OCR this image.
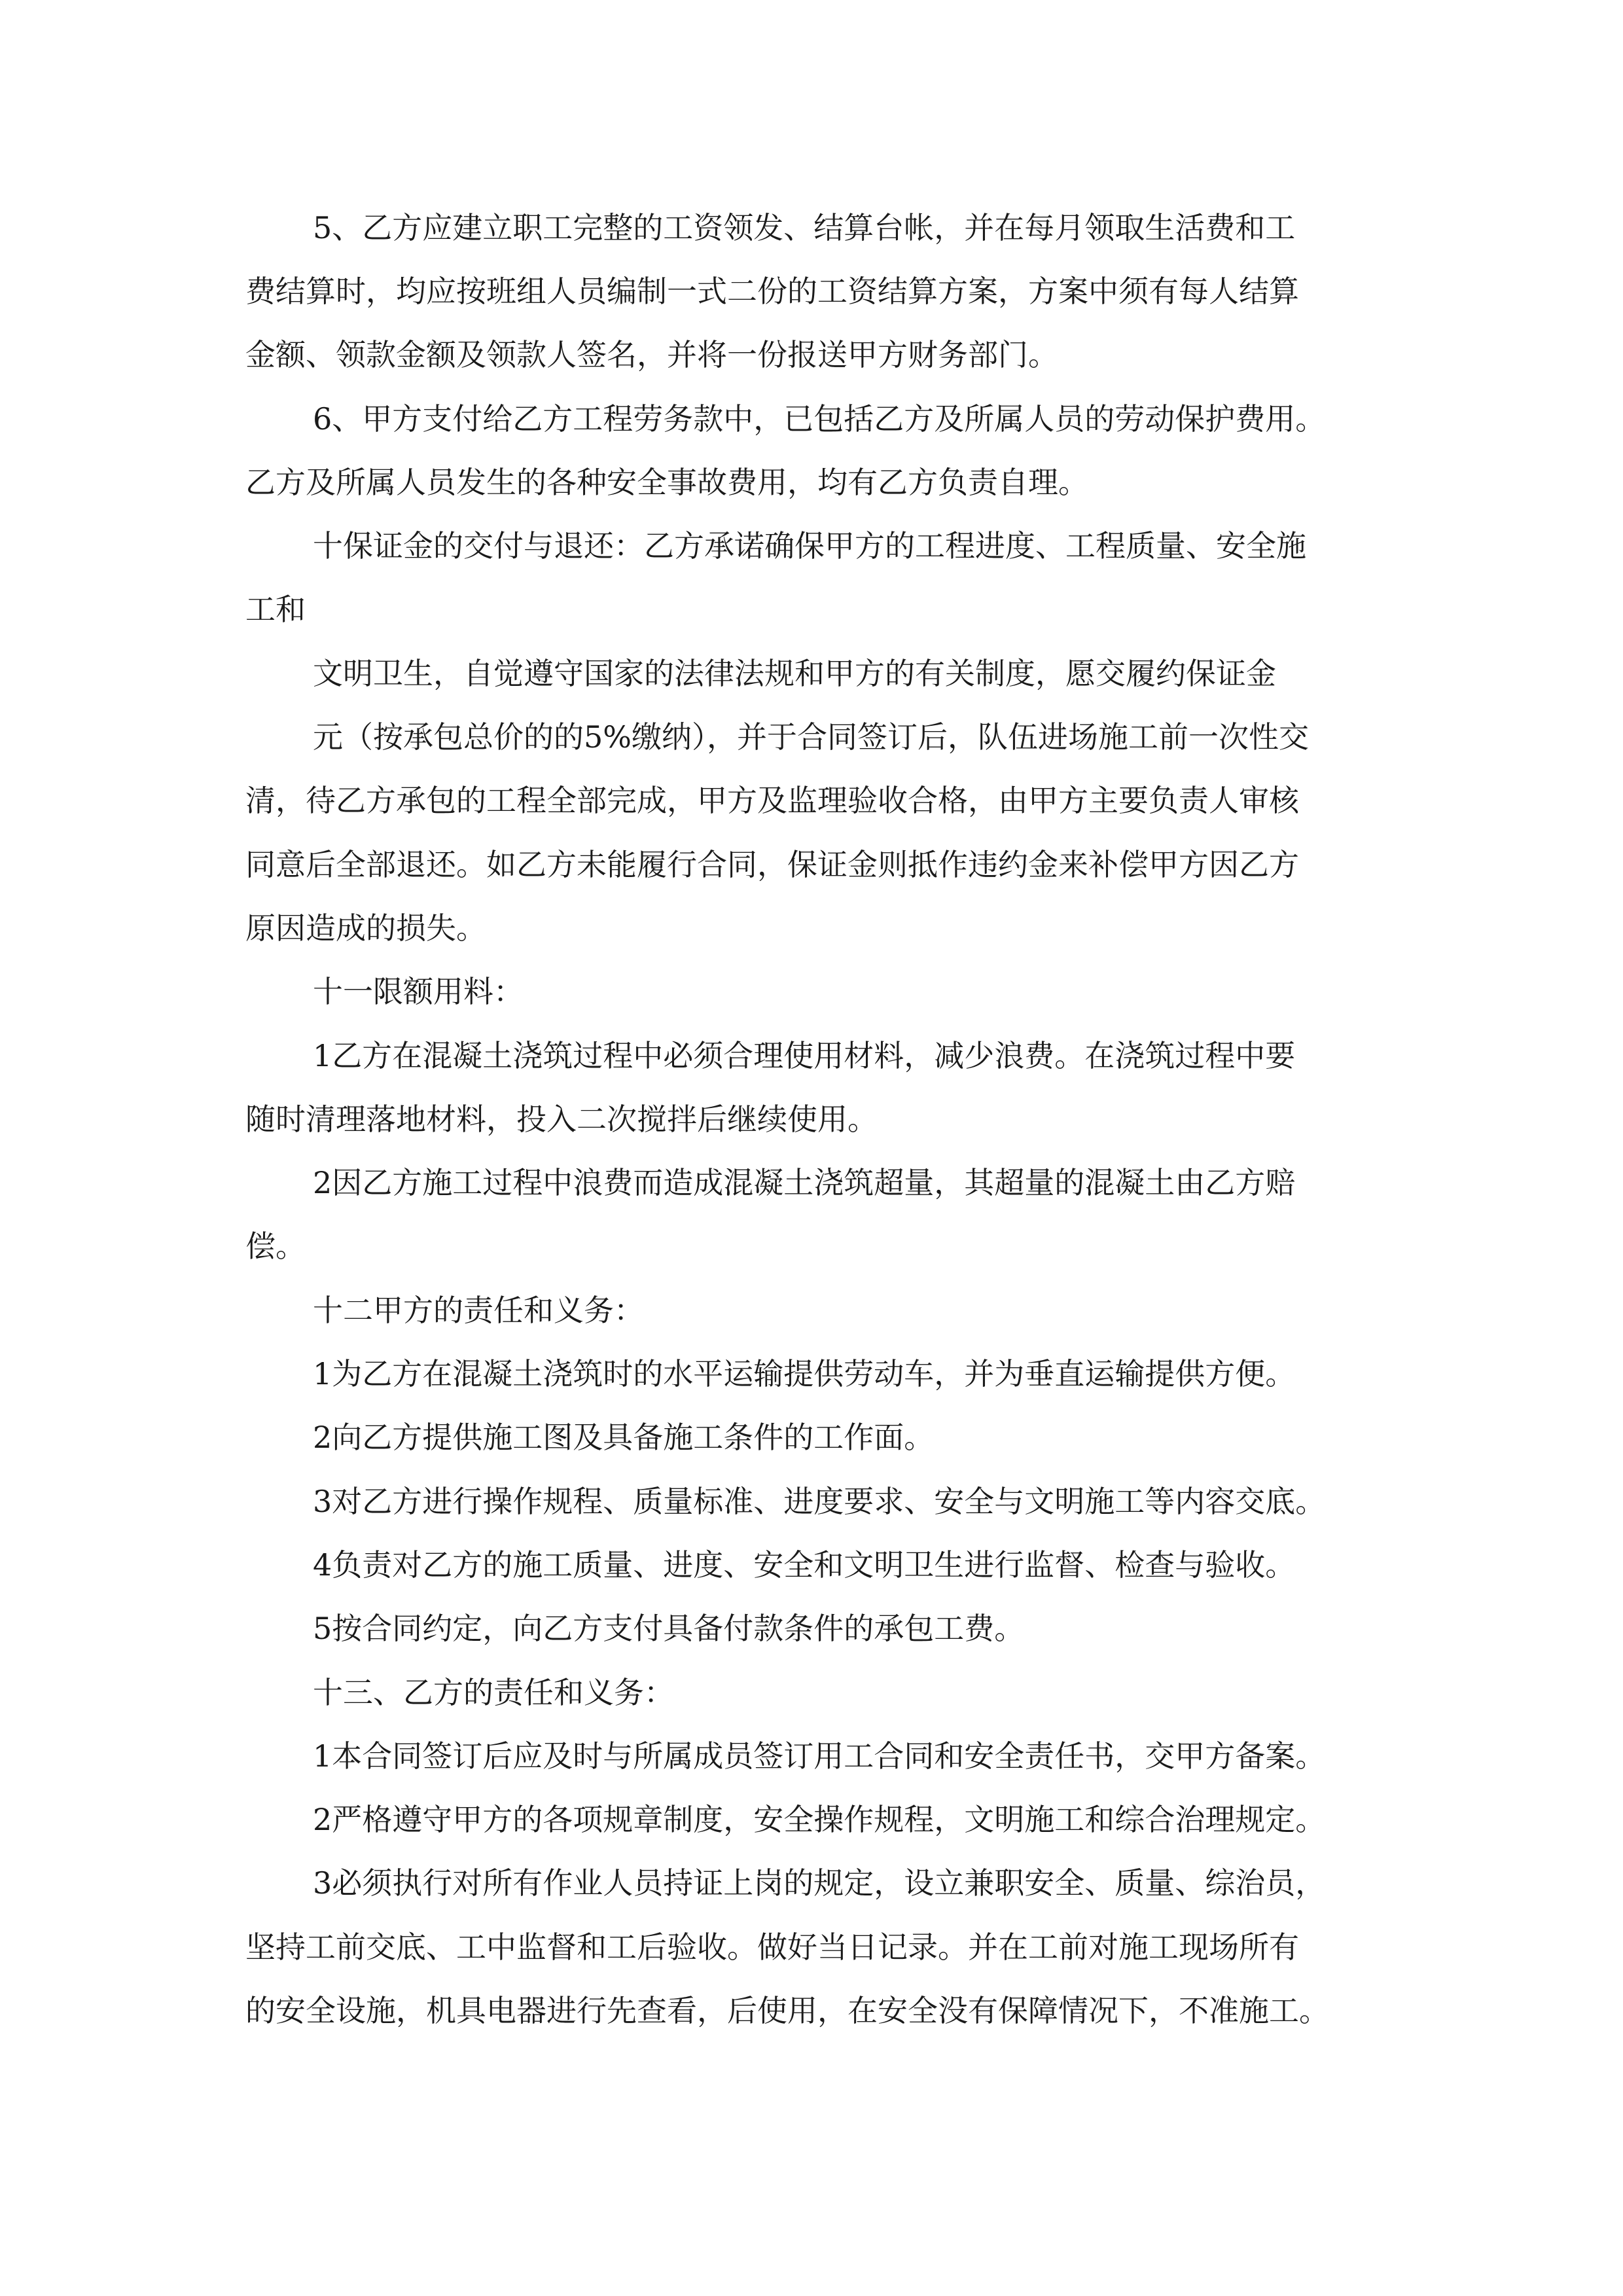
5、乙方应建立职工完整的工资领发、结算台帐，并在每月领取生活费和工

费结算时，均应按班组人员编制一式二份的工资结算方案，方案中须有每人结算

金额、领款金额及领款人签名，并将一份报送甲方财务部门。

6、甲方支付给乙方工程劳务款中，已包括乙方及所属人员的劳动保护费用。

乙方及所属人员发生的各种安全事故费用，均有乙方负责自理。

十保证金的交付与退还：乙方承诺确保甲方的工程进度、工程质量、安全施

工和

文明卫生，自觉遵守国家的法律法规和甲方的有关制度，愿交履约保证金

元（按承包总价的的5%缴纳），并于合同签订后，队伍进场施工前一次性交

清，待乙方承包的工程全部完成，甲方及监理验收合格，由甲方主要负责人审核

同意后全部退还。如乙方未能履行合同，保证金则抵作违约金来补偿甲方因乙方

原因造成的损失。

十一限额用料：

1乙方在混凝土浇筑过程中必须合理使用材料，减少浪费。在浇筑过程中要

随时清理落地材料，投入二次搅拌后继续使用。

2因乙方施工过程中浪费而造成混凝土浇筑超量，其超量的混凝土由乙方赔

偿。

十二甲方的责任和义务：

1为乙方在混凝土浇筑时的水平运输提供劳动车，并为垂直运输提供方便。

2向乙方提供施工图及具备施工条件的工作面。

3对乙方进行操作规程、质量标准、进度要求、安全与文明施工等内容交底。

4负责对乙方的施工质量、进度、安全和文明卫生进行监督、检查与验收。

5按合同约定，向乙方支付具备付款条件的承包工费。

十三、乙方的责任和义务：

1本合同签订后应及时与所属成员签订用工合同和安全责任书，交甲方备案。

2严格遵守甲方的各项规章制度，安全操作规程，文明施工和综合治理规定。

3必须执行对所有作业人员持证上岗的规定，设立兼职安全、质量、综治员，

坚持工前交底、工中监督和工后验收。做好当日记录。并在工前对施工现场所有

的安全设施，机具电器进行先查看，后使用，在安全没有保障情况下，不准施工。
